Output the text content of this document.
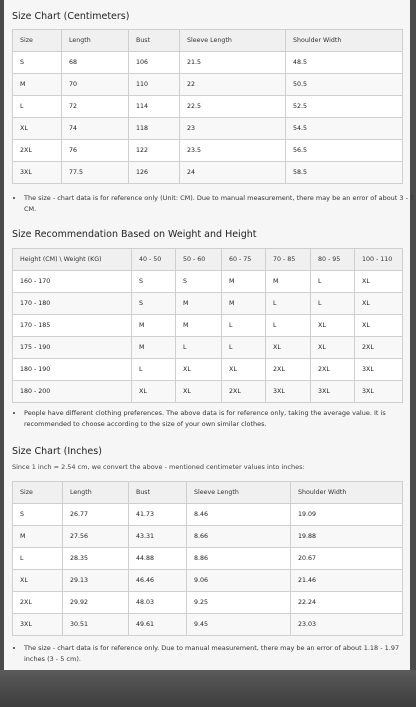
Size Chart (Centimeters)
Size	Length	Bust	Sleeve Length	Shoulder Width
S	68	106	21.5	48.5
M	70	110	22	50.5
L	72	114	22.5	52.5
XL	74	118	23	54.5
2XL	76	122	23.5	56.5
3XL	77.5	126	24	58.5
• The size - chart data is for reference only (Unit: CM). Due to manual measurement, there may be an error of about 3 - 5 CM.
Size Recommendation Based on Weight and Height
Height (CM) \ Weight (KG)	40 - 50	50 - 60	60 - 75	70 - 85	80 - 95	100 - 110
160 - 170	S	S	M	M	L	XL
170 - 180	S	M	M	L	L	XL
170 - 185	M	M	L	L	XL	XL
175 - 190	M	L	L	XL	XL	2XL
180 - 190	L	XL	XL	2XL	2XL	3XL
180 - 200	XL	XL	2XL	3XL	3XL	3XL
• People have different clothing preferences. The above data is for reference only, taking the average value. It is recommended to choose according to the size of your own similar clothes.
Size Chart (Inches)
Since 1 inch = 2.54 cm, we convert the above - mentioned centimeter values into inches:
Size	Length	Bust	Sleeve Length	Shoulder Width
S	26.77	41.73	8.46	19.09
M	27.56	43.31	8.66	19.88
L	28.35	44.88	8.86	20.67
XL	29.13	46.46	9.06	21.46
2XL	29.92	48.03	9.25	22.24
3XL	30.51	49.61	9.45	23.03
• The size - chart data is for reference only. Due to manual measurement, there may be an error of about 1.18 - 1.97 inches (3 - 5 cm).
